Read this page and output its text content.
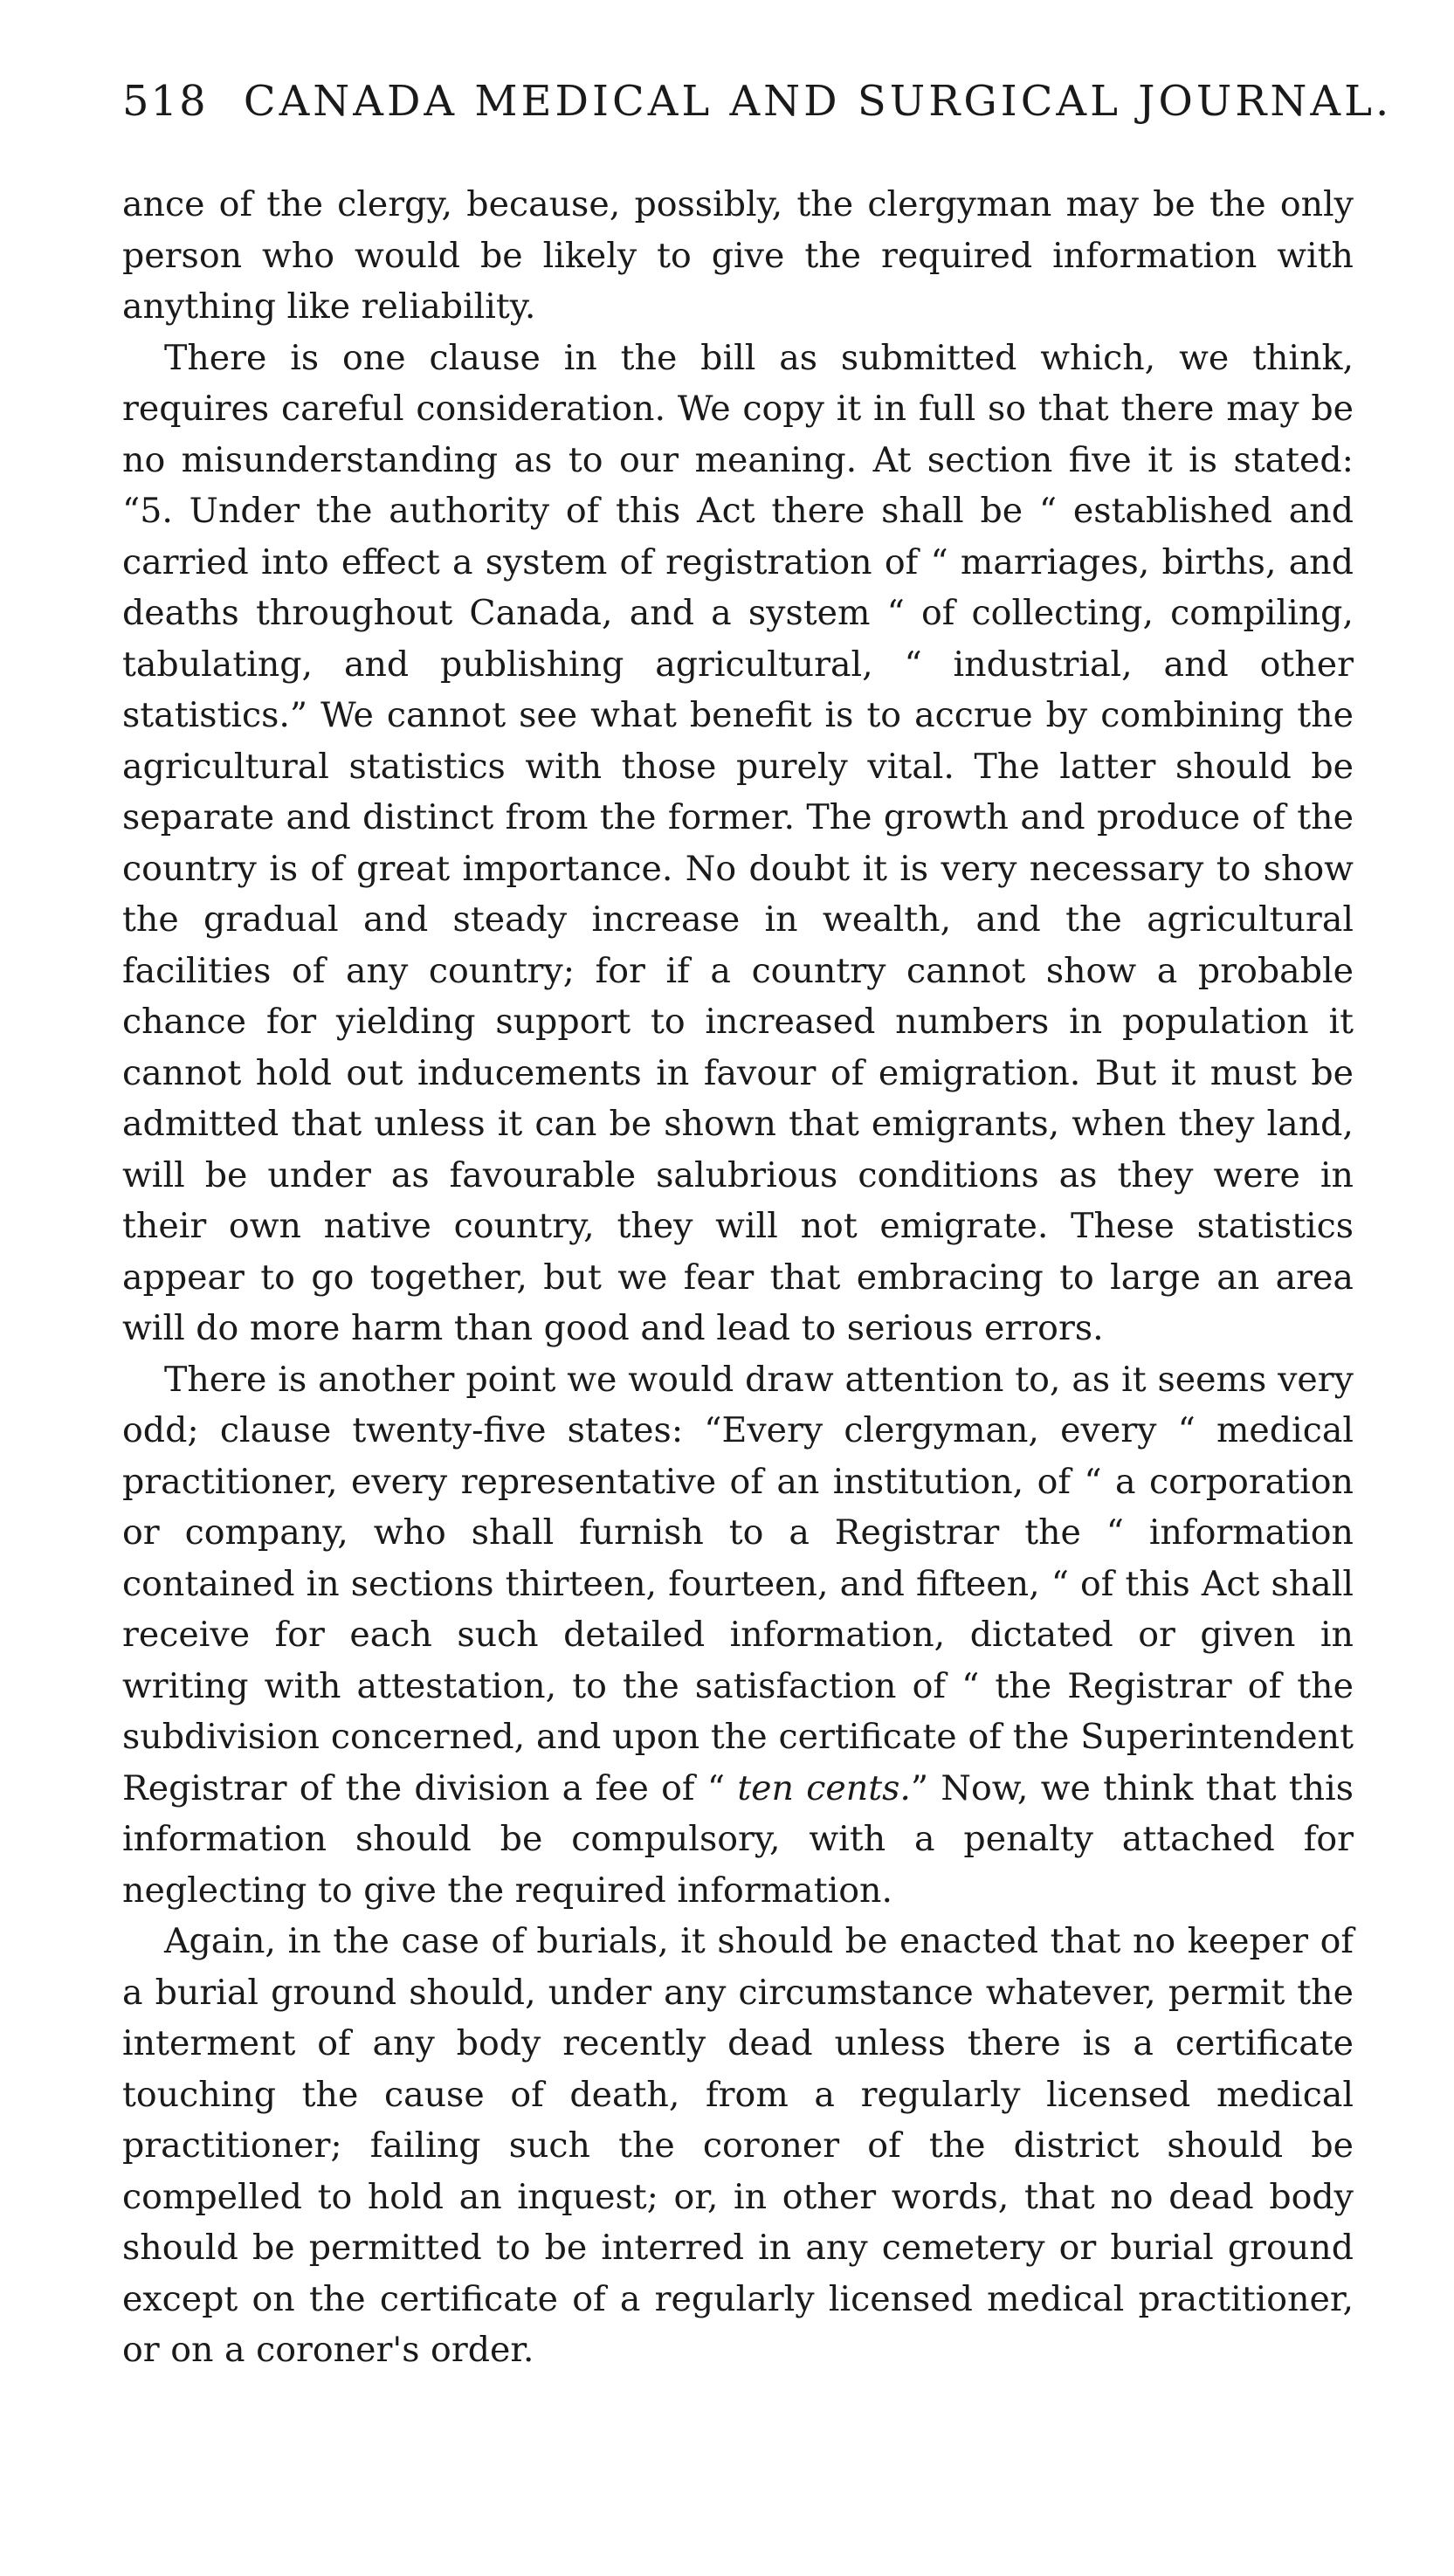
518 CANADA MEDICAL AND SURGICAL JOURNAL.

ance of the clergy, because, possibly, the clergyman may be the only person who would be likely to give the required information with anything like reliability.

There is one clause in the bill as submitted which, we think, requires careful consideration. We copy it in full so that there may be no misunderstanding as to our meaning. At section five it is stated: “5. Under the authority of this Act there shall be “ established and carried into effect a system of registration of “ marriages, births, and deaths throughout Canada, and a system “ of collecting, compiling, tabulating, and publishing agricultural, “ industrial, and other statistics.” We cannot see what benefit is to accrue by combining the agricultural statistics with those purely vital. The latter should be separate and distinct from the former. The growth and produce of the country is of great importance. No doubt it is very necessary to show the gradual and steady increase in wealth, and the agricultural facilities of any country; for if a country cannot show a probable chance for yielding support to increased numbers in population it cannot hold out inducements in favour of emigration. But it must be admitted that unless it can be shown that emigrants, when they land, will be under as favourable salubrious conditions as they were in their own native country, they will not emigrate. These statistics appear to go together, but we fear that embracing to large an area will do more harm than good and lead to serious errors.

There is another point we would draw attention to, as it seems very odd; clause twenty-five states: “Every clergyman, every “ medical practitioner, every representative of an institution, of “ a corporation or company, who shall furnish to a Registrar the “ information contained in sections thirteen, fourteen, and fifteen, “ of this Act shall receive for each such detailed information, dictated or given in writing with attestation, to the satisfaction of “ the Registrar of the subdivision concerned, and upon the certificate of the Superintendent Registrar of the division a fee of “ ten cents.” Now, we think that this information should be compulsory, with a penalty attached for neglecting to give the required information.

Again, in the case of burials, it should be enacted that no keeper of a burial ground should, under any circumstance whatever, permit the interment of any body recently dead unless there is a certificate touching the cause of death, from a regularly licensed medical practitioner; failing such the coroner of the district should be compelled to hold an inquest; or, in other words, that no dead body should be permitted to be interred in any cemetery or burial ground except on the certificate of a regularly licensed medical practitioner, or on a coroner's order.
